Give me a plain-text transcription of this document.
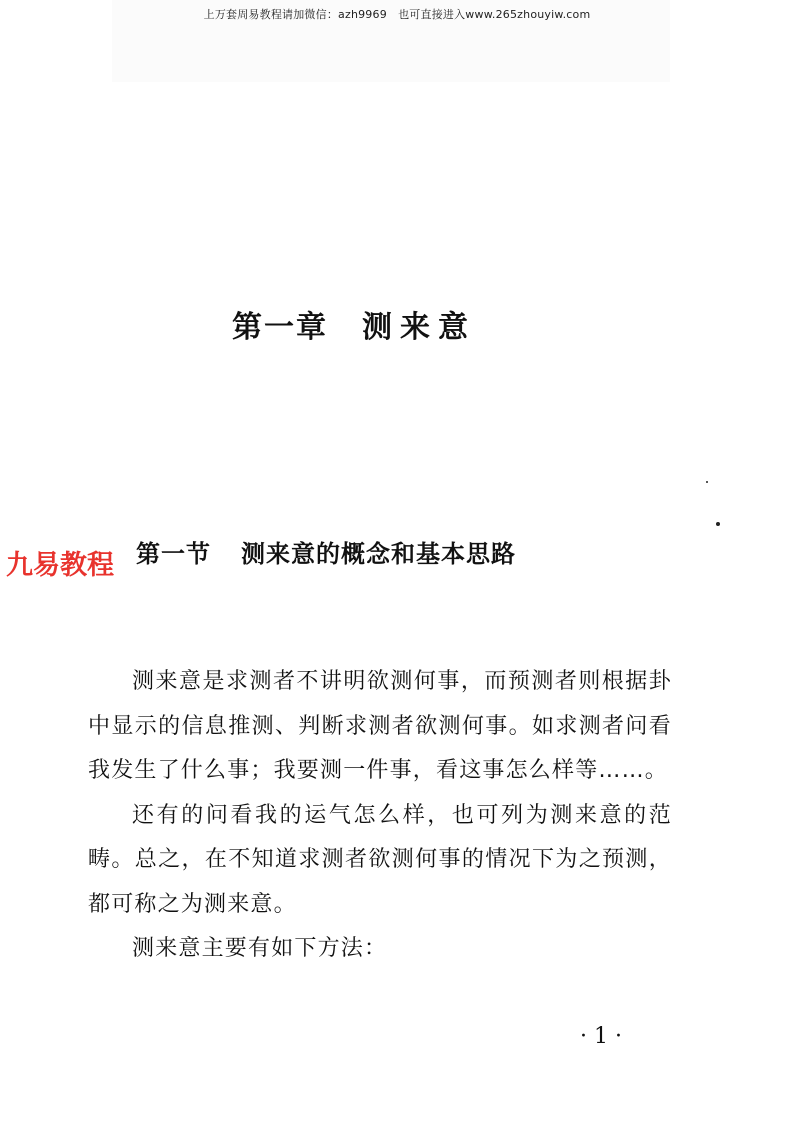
上万套周易教程请加微信：azh9969　也可直接进入www.265zhouyiw.com
第一章 测来意
九易教程 第一节 测来意的概念和基本思路

测来意是求测者不讲明欲测何事，而预测者则根据卦中显示的信息推测、判断求测者欲测何事。如求测者问看我发生了什么事；我要测一件事，看这事怎么样等……。

还有的问看我的运气怎么样，也可列为测来意的范畴。总之，在不知道求测者欲测何事的情况下为之预测，都可称之为测来意。

测来意主要有如下方法：

· 1 ·
